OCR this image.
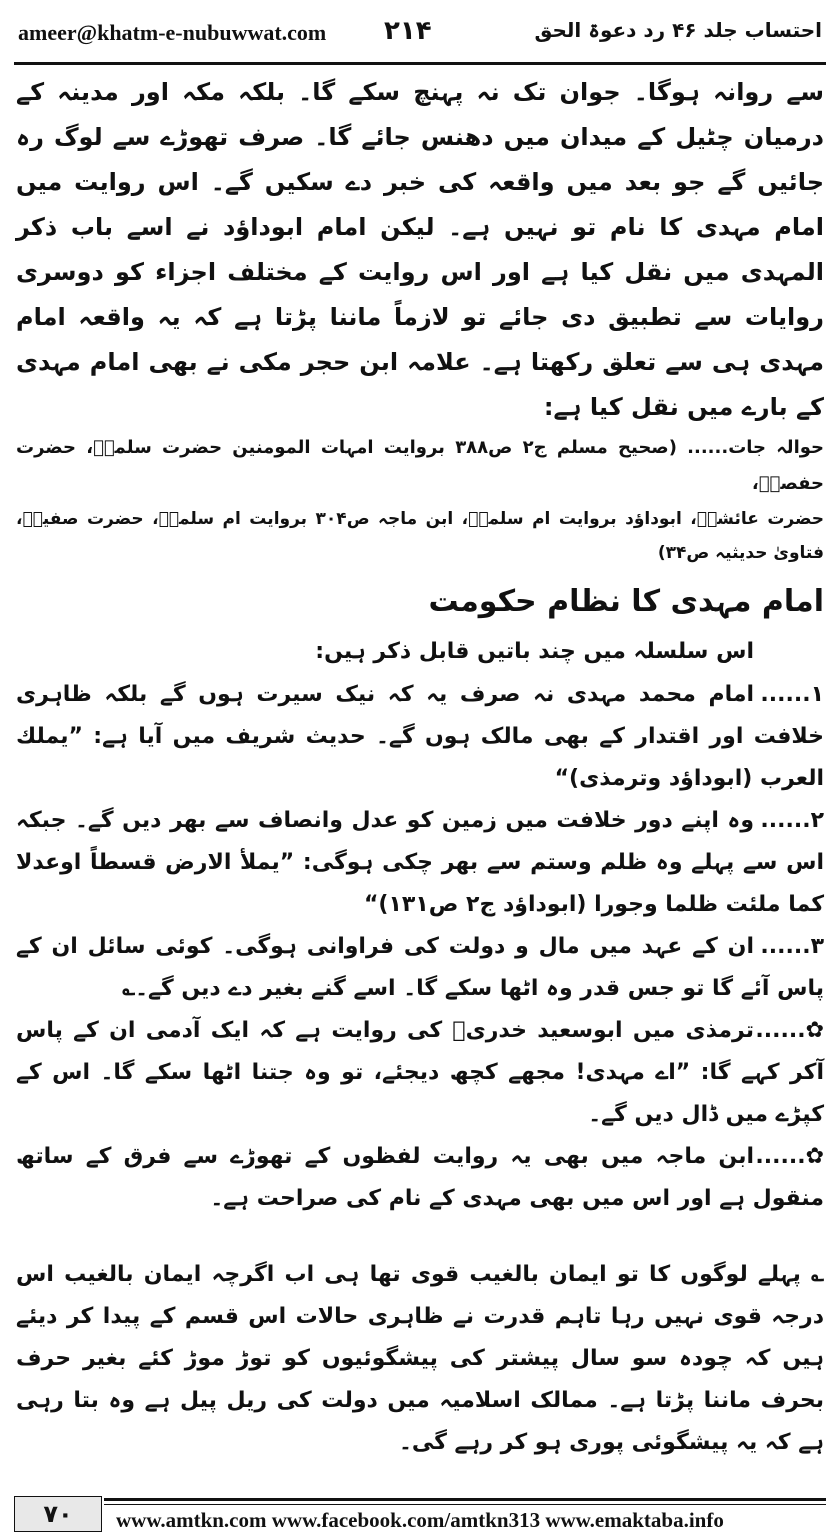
ameer@khatm-e-nubuwwat.com ۲۱۴	احتساب جلد ۴۶ رد دعوۃ الحق

سے روانہ ہوگا۔ جوان تک نہ پہنچ سکے گا۔ بلکہ مکہ اور مدینہ کے درمیان چٹیل کے میدان میں دھنس جائے گا۔ صرف تھوڑے سے لوگ رہ جائیں گے جو بعد میں واقعہ کی خبر دے سکیں گے۔ اس روایت میں امام مہدی کا نام تو نہیں ہے۔ لیکن امام ابوداؤد نے اسے باب ذکر المہدی میں نقل کیا ہے اور اس روایت کے مختلف اجزاء کو دوسری روایات سے تطبیق دی جائے تو لازماً ماننا پڑتا ہے کہ یہ واقعہ امام مہدی ہی سے تعلق رکھتا ہے۔ علامہ ابن حجر مکی نے بھی امام مہدی کے بارے میں نقل کیا ہے:

حوالہ جات...... (صحیح مسلم ج۲ ص۳۸۸ بروایت امہات المومنین حضرت سلمہؓ، حضرت حفصہؓ،

حضرت عائشہؓ، ابوداؤد بروایت ام سلمہؓ، ابن ماجہ ص۳۰۴ بروایت ام سلمہؓ، حضرت صفیہؓ، فتاویٰ حدیثیہ ص۳۴)

امام مہدی کا نظام حکومت

اس سلسلہ میں چند باتیں قابل ذکر ہیں:

۱......امام محمد مہدی نہ صرف یہ کہ نیک سیرت ہوں گے بلکہ ظاہری خلافت اور اقتدار کے بھی مالک ہوں گے۔ حدیث شریف میں آیا ہے: ”یملك العرب (ابوداؤد وترمذی)“

۲......وہ اپنے دور خلافت میں زمین کو عدل وانصاف سے بھر دیں گے۔ جبکہ اس سے پہلے وہ ظلم وستم سے بھر چکی ہوگی: ”یملأ الارض قسطاً اوعدلا کما ملئت ظلما وجورا (ابوداؤد ج۲ ص۱۳۱)“

۳......ان کے عہد میں مال و دولت کی فراوانی ہوگی۔ کوئی سائل ان کے پاس آئے گا تو جس قدر وہ اٹھا سکے گا۔ اسے گنے بغیر دے دیں گے۔؎

✿......ترمذی میں ابوسعید خدریؓ کی روایت ہے کہ ایک آدمی ان کے پاس آکر کہے گا: ”اے مہدی! مجھے کچھ دیجئے، تو وہ جتنا اٹھا سکے گا۔ اس کے کپڑے میں ڈال دیں گے۔

✿......ابن ماجہ میں بھی یہ روایت لفظوں کے تھوڑے سے فرق کے ساتھ منقول ہے اور اس میں بھی مہدی کے نام کی صراحت ہے۔

؎ پہلے لوگوں کا تو ایمان بالغیب قوی تھا ہی اب اگرچہ ایمان بالغیب اس درجہ قوی نہیں رہا تاہم قدرت نے ظاہری حالات اس قسم کے پیدا کر دیئے ہیں کہ چودہ سو سال پیشتر کی پیشگوئیوں کو توڑ موڑ کئے بغیر حرف بحرف ماننا پڑتا ہے۔ ممالک اسلامیہ میں دولت کی ریل پیل ہے وہ بتا رہی ہے کہ یہ پیشگوئی پوری ہو کر رہے گی۔

۷۰	www.amtkn.com www.facebook.com/amtkn313 www.emaktaba.info
